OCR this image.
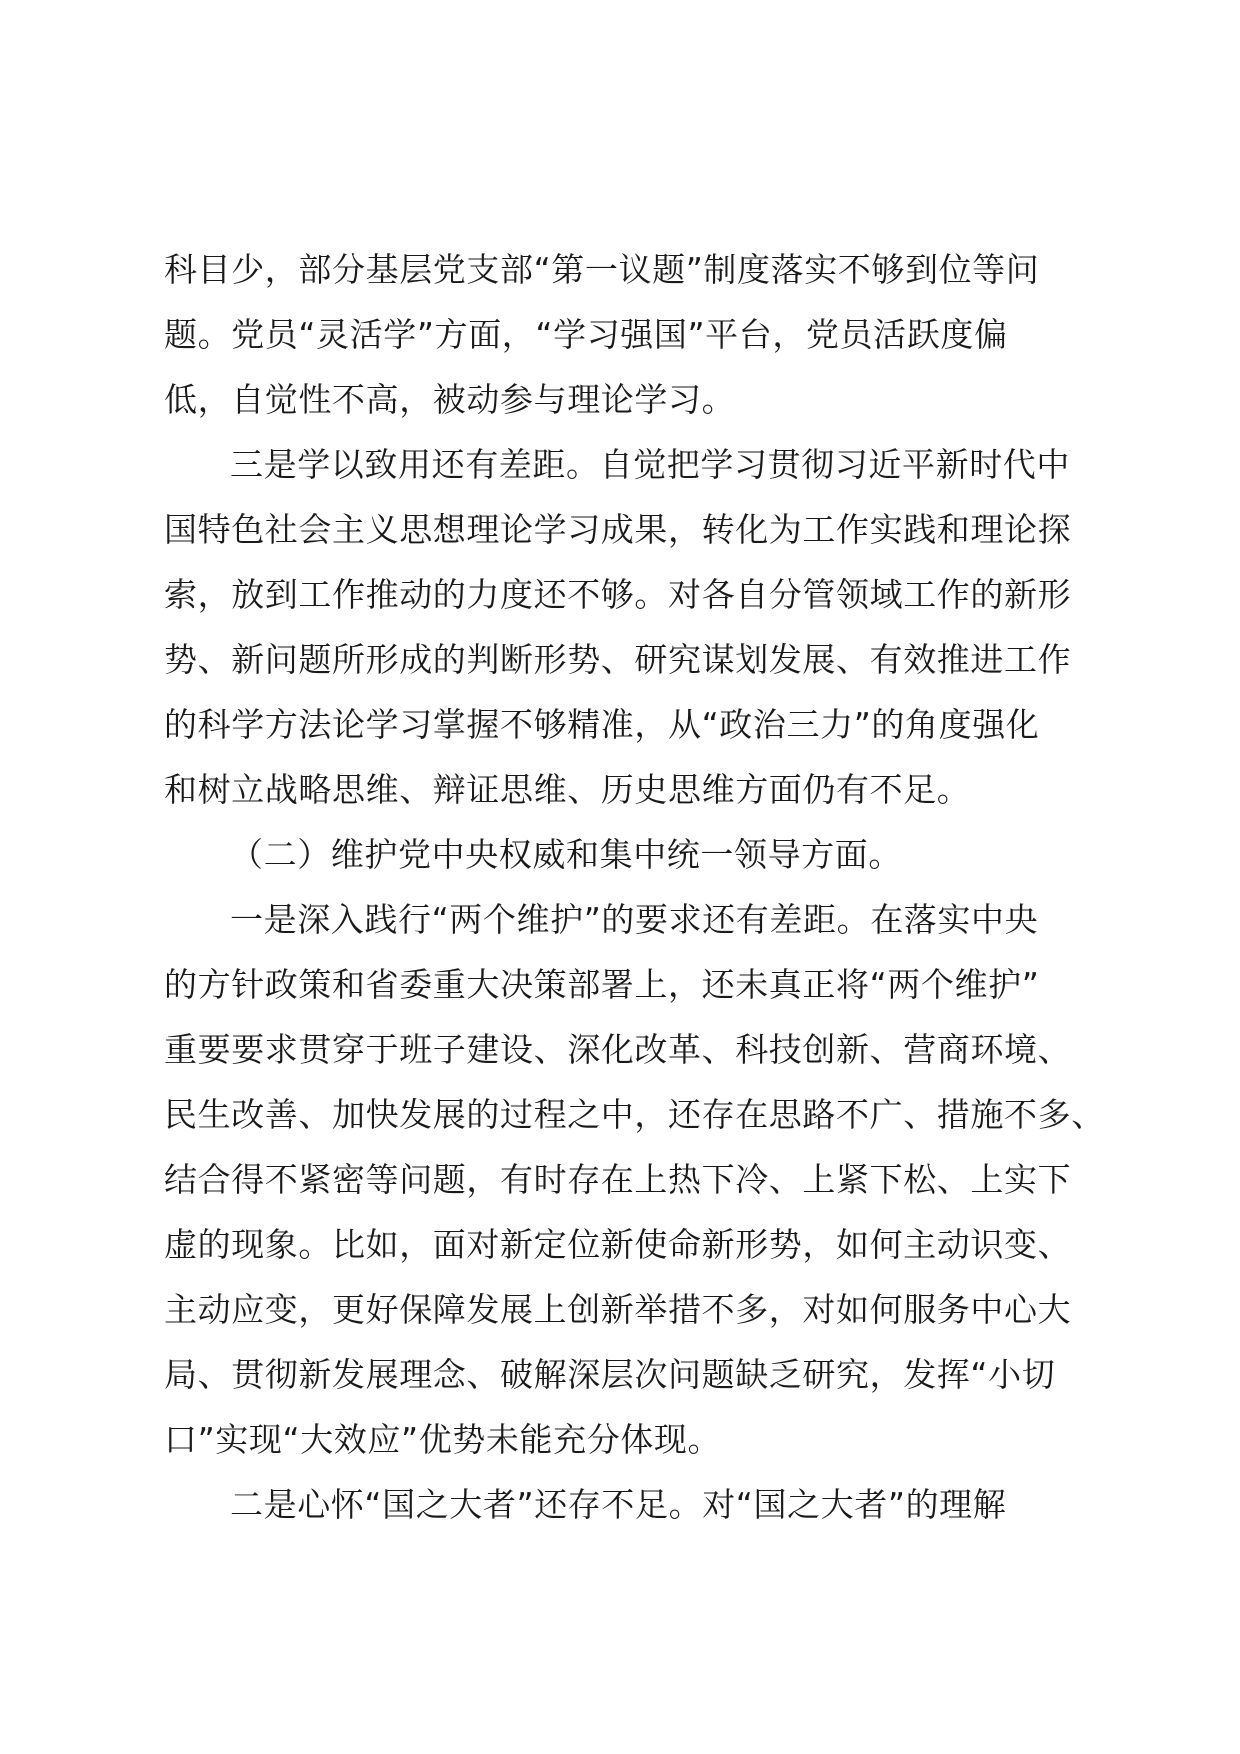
科目少，部分基层党支部“第一议题”制度落实不够到位等问
题。党员“灵活学”方面，“学习强国”平台，党员活跃度偏
低，自觉性不高，被动参与理论学习。
三是学以致用还有差距。自觉把学习贯彻习近平新时代中
国特色社会主义思想理论学习成果，转化为工作实践和理论探
索，放到工作推动的力度还不够。对各自分管领域工作的新形
势、新问题所形成的判断形势、研究谋划发展、有效推进工作
的科学方法论学习掌握不够精准，从“政治三力”的角度强化
和树立战略思维、辩证思维、历史思维方面仍有不足。
（二）维护党中央权威和集中统一领导方面。
一是深入践行“两个维护”的要求还有差距。在落实中央
的方针政策和省委重大决策部署上，还未真正将“两个维护”
重要要求贯穿于班子建设、深化改革、科技创新、营商环境、
民生改善、加快发展的过程之中，还存在思路不广、措施不多、
结合得不紧密等问题，有时存在上热下冷、上紧下松、上实下
虚的现象。比如，面对新定位新使命新形势，如何主动识变、
主动应变，更好保障发展上创新举措不多，对如何服务中心大
局、贯彻新发展理念、破解深层次问题缺乏研究，发挥“小切
口”实现“大效应”优势未能充分体现。
二是心怀“国之大者”还存不足。对“国之大者”的理解
